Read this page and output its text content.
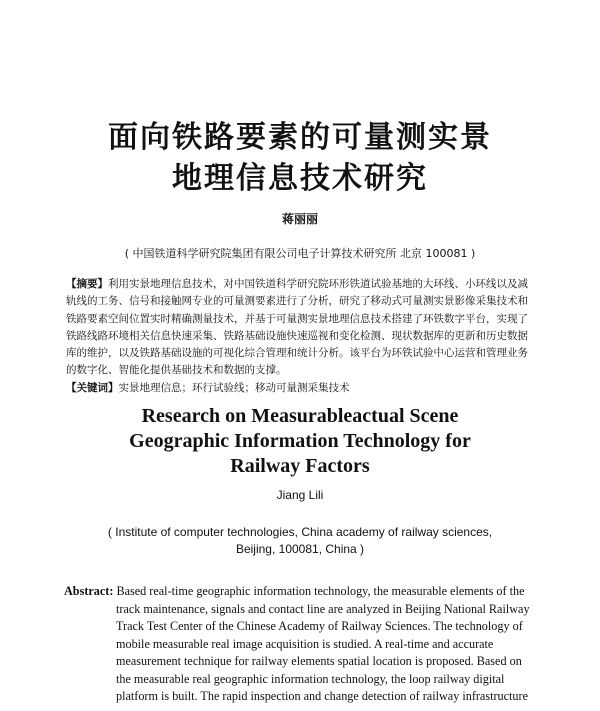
面向铁路要素的可量测实景
地理信息技术研究
蒋丽丽
( 中国铁道科学研究院集团有限公司电子计算技术研究所 北京 100081 )
【摘要】利用实景地理信息技术，对中国铁道科学研究院环形铁道试验基地的大环线、小环线以及减轨线的工务、信号和接触网专业的可量测要素进行了分析，研究了移动式可量测实景影像采集技术和铁路要素空间位置实时精确测量技术，并基于可量测实景地理信息技术搭建了环铁数字平台，实现了铁路线路环境相关信息快速采集、铁路基础设施快速巡视和变化检测、现状数据库的更新和历史数据库的维护，以及铁路基础设施的可视化综合管理和统计分析。该平台为环铁试验中心运营和管理业务的数字化、智能化提供基础技术和数据的支撑。
【关键词】实景地理信息；环行试验线；移动可量测采集技术
Research on Measurableactual Scene
Geographic Information Technology for
Railway Factors
Jiang Lili
( Institute of computer technologies, China academy of railway sciences,
Beijing, 100081, China )
Abstract: Based real-time geographic information technology, the measurable elements of the
track maintenance, signals and contact line are analyzed in Beijing National Railway
Track Test Center of the Chinese Academy of Railway Sciences. The technology of
mobile measurable real image acquisition is studied. A real-time and accurate
measurement technique for railway elements spatial location is proposed. Based on
the measurable real geographic information technology, the loop railway digital
platform is built. The rapid inspection and change detection of railway infrastructure
